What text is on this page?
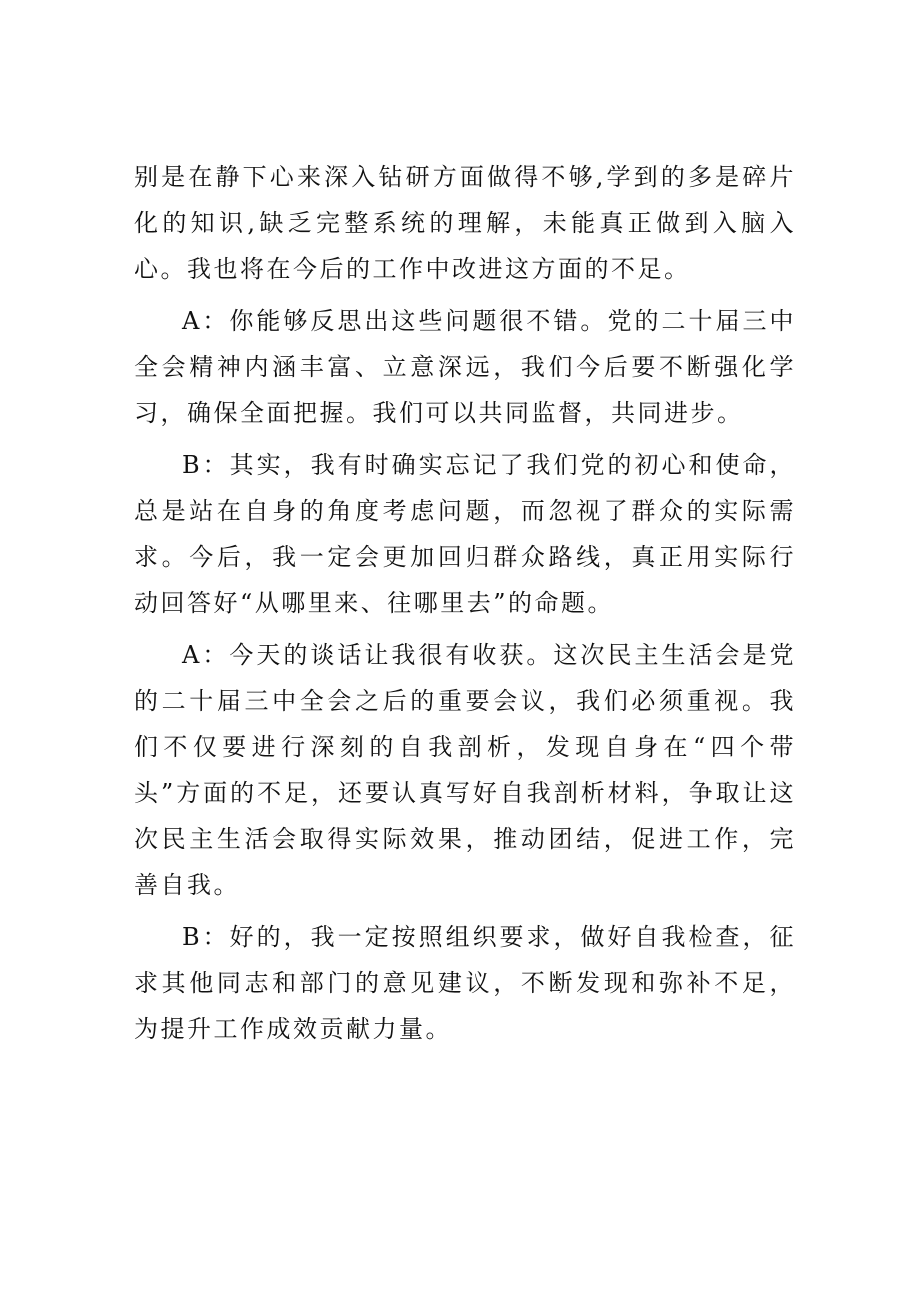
别是在静下心来深入钻研方面做得不够,学到的多是碎片化的知识,缺乏完整系统的理解，未能真正做到入脑入心。我也将在今后的工作中改进这方面的不足。

A：你能够反思出这些问题很不错。党的二十届三中全会精神内涵丰富、立意深远，我们今后要不断强化学习，确保全面把握。我们可以共同监督，共同进步。

B：其实，我有时确实忘记了我们党的初心和使命，总是站在自身的角度考虑问题，而忽视了群众的实际需求。今后，我一定会更加回归群众路线，真正用实际行动回答好“从哪里来、往哪里去”的命题。

A：今天的谈话让我很有收获。这次民主生活会是党的二十届三中全会之后的重要会议，我们必须重视。我们不仅要进行深刻的自我剖析，发现自身在“四个带头”方面的不足，还要认真写好自我剖析材料，争取让这次民主生活会取得实际效果，推动团结，促进工作，完善自我。

B：好的，我一定按照组织要求，做好自我检查，征求其他同志和部门的意见建议，不断发现和弥补不足，为提升工作成效贡献力量。
